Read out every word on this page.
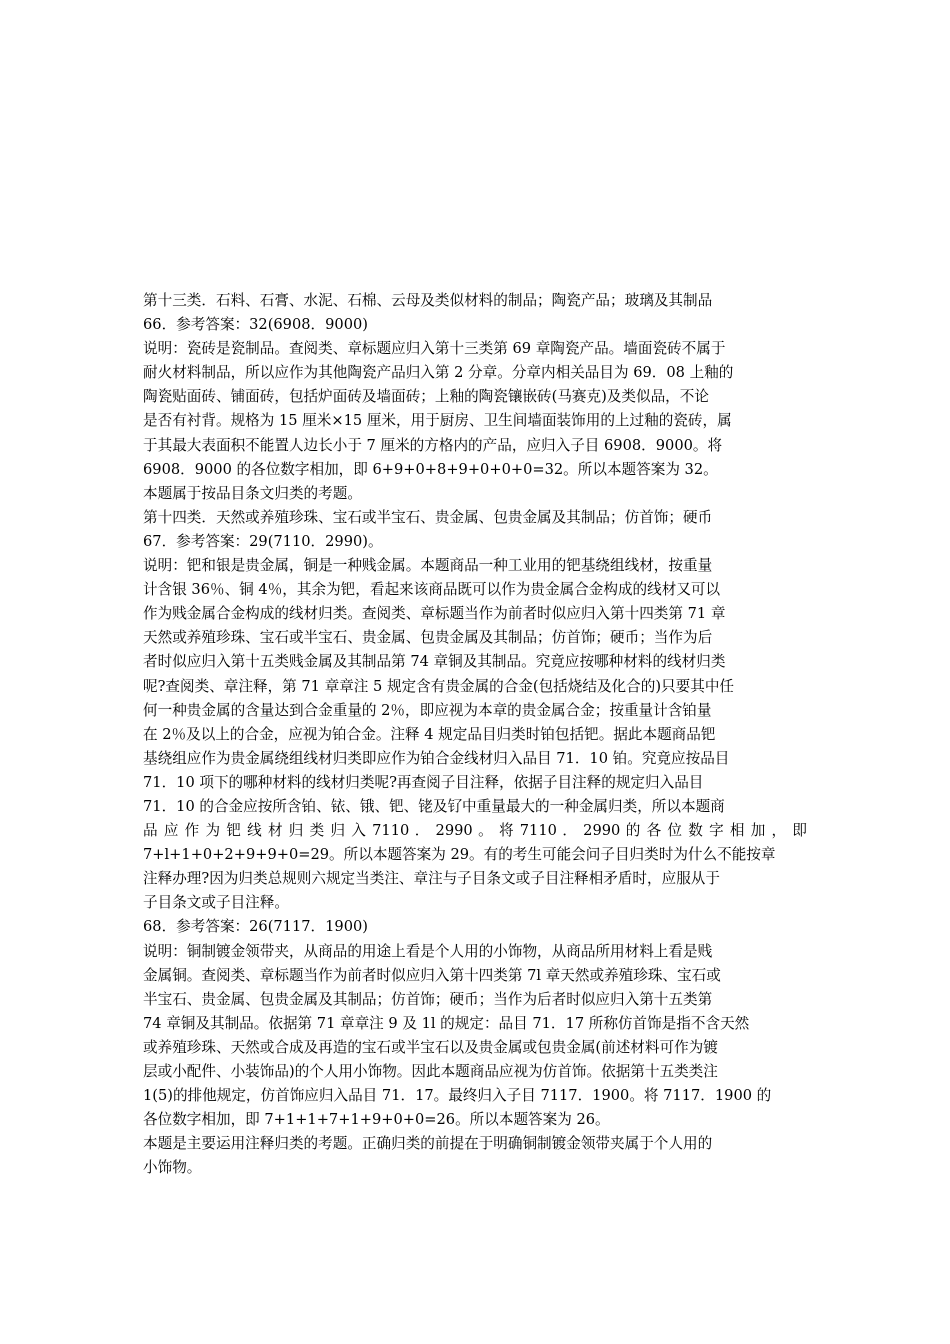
第十三类．石料、石膏、水泥、石棉、云母及类似材料的制品；陶瓷产品；玻璃及其制品
66．参考答案：32(6908．9000)
说明：瓷砖是瓷制品。查阅类、章标题应归入第十三类第 69 章陶瓷产品。墙面瓷砖不属于
耐火材料制品，所以应作为其他陶瓷产品归入第 2 分章。分章内相关品目为 69．08 上釉的
陶瓷贴面砖、铺面砖，包括炉面砖及墙面砖；上釉的陶瓷镶嵌砖(马赛克)及类似品，不论
是否有衬背。规格为 15 厘米×15 厘米，用于厨房、卫生间墙面装饰用的上过釉的瓷砖，属
于其最大表面积不能置人边长小于 7 厘米的方格内的产品，应归入子目 6908．9000。将
6908．9000 的各位数字相加，即 6+9+0+8+9+0+0+0=32。所以本题答案为 32。
本题属于按品目条文归类的考题。
第十四类．天然或养殖珍珠、宝石或半宝石、贵金属、包贵金属及其制品；仿首饰；硬币
67．参考答案：29(7110．2990)。
说明：钯和银是贵金属，铜是一种贱金属。本题商品一种工业用的钯基绕组线材，按重量
计含银 36％、铜 4％，其余为钯，看起来该商品既可以作为贵金属合金构成的线材又可以
作为贱金属合金构成的线材归类。查阅类、章标题当作为前者时似应归入第十四类第 71 章
天然或养殖珍珠、宝石或半宝石、贵金属、包贵金属及其制品；仿首饰；硬币；当作为后
者时似应归入第十五类贱金属及其制品第 74 章铜及其制品。究竟应按哪种材料的线材归类
呢?查阅类、章注释，第 71 章章注 5 规定含有贵金属的合金(包括烧结及化合的)只要其中任
何一种贵金属的含量达到合金重量的 2％，即应视为本章的贵金属合金；按重量计含铂量
在 2％及以上的合金，应视为铂合金。注释 4 规定品目归类时铂包括钯。据此本题商品钯
基绕组应作为贵金属绕组线材归类即应作为铂合金线材归入品目 71．10 铂。究竟应按品目
71．10 项下的哪种材料的线材归类呢?再查阅子目注释，依据子目注释的规定归入品目
71．10 的合金应按所含铂、铱、锇、钯、铑及钌中重量最大的一种金属归类，所以本题商
品 应 作 为 钯 线 材 归 类 归 入 7110 ． 2990 。 将 7110 ． 2990 的 各 位 数 字 相 加 ， 即
7+l+1+0+2+9+9+0=29。所以本题答案为 29。有的考生可能会问子目归类时为什么不能按章
注释办理?因为归类总规则六规定当类注、章注与子目条文或子目注释相矛盾时，应服从于
子目条文或子目注释。
68．参考答案：26(7117．1900)
说明：铜制镀金领带夹，从商品的用途上看是个人用的小饰物，从商品所用材料上看是贱
金属铜。查阅类、章标题当作为前者时似应归入第十四类第 7l 章天然或养殖珍珠、宝石或
半宝石、贵金属、包贵金属及其制品；仿首饰；硬币；当作为后者时似应归入第十五类第
74 章铜及其制品。依据第 71 章章注 9 及 1l 的规定：品目 71．17 所称仿首饰是指不含天然
或养殖珍珠、天然或合成及再造的宝石或半宝石以及贵金属或包贵金属(前述材料可作为镀
层或小配件、小装饰品)的个人用小饰物。因此本题商品应视为仿首饰。依据第十五类类注
1(5)的排他规定，仿首饰应归入品目 71．17。最终归入子目 7117．1900。将 7117．1900 的
各位数字相加，即 7+1+1+7+1+9+0+0=26。所以本题答案为 26。
本题是主要运用注释归类的考题。正确归类的前提在于明确铜制镀金领带夹属于个人用的
小饰物。
